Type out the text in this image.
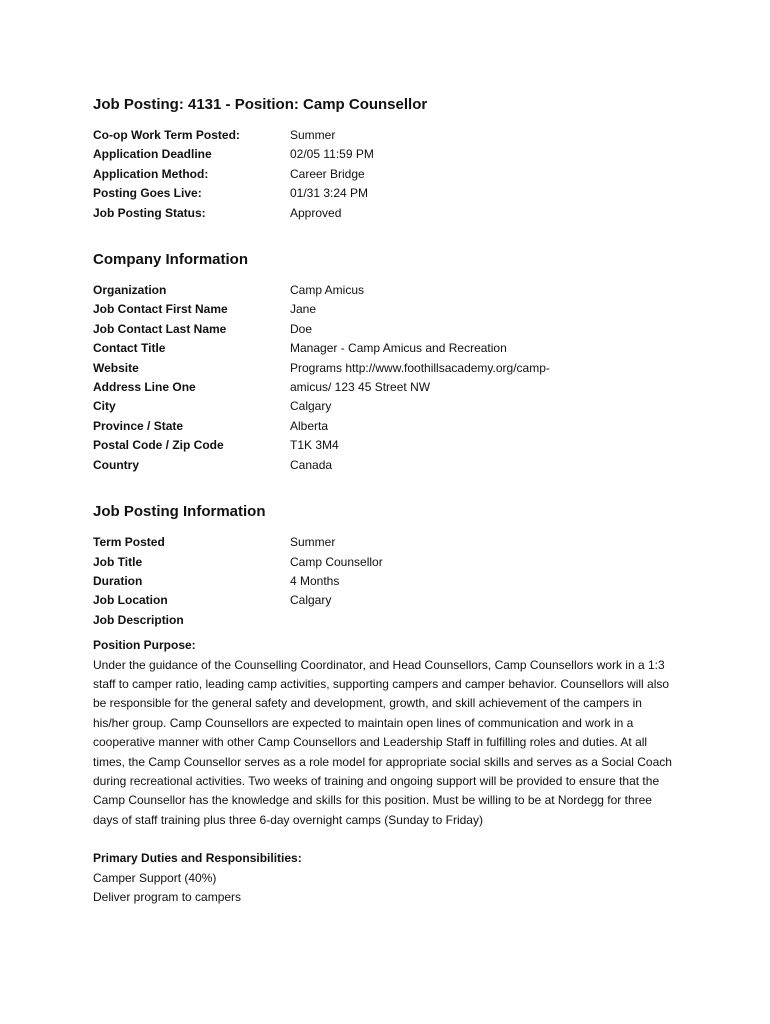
Job Posting: 4131 - Position: Camp Counsellor
Co-op Work Term Posted:	Summer
Application Deadline	02/05 11:59 PM
Application Method:	Career Bridge
Posting Goes Live:	01/31 3:24 PM
Job Posting Status:	Approved
Company Information
Organization	Camp Amicus
Job Contact First Name	Jane
Job Contact Last Name	Doe
Contact Title	Manager - Camp Amicus and Recreation
Website	Programs http://www.foothillsacademy.org/camp-
Address Line One	amicus/ 123 45 Street NW
City	Calgary
Province / State	Alberta
Postal Code / Zip Code	T1K 3M4
Country	Canada
Job Posting Information
Term Posted	Summer
Job Title	Camp Counsellor
Duration	4 Months
Job Location	Calgary
Job Description
Position Purpose:

Under the guidance of the Counselling Coordinator, and Head Counsellors, Camp Counsellors work in a 1:3 staff to camper ratio, leading camp activities, supporting campers and camper behavior. Counsellors will also be responsible for the general safety and development, growth, and skill achievement of the campers in his/her group. Camp Counsellors are expected to maintain open lines of communication and work in a cooperative manner with other Camp Counsellors and Leadership Staff in fulfilling roles and duties. At all times, the Camp Counsellor serves as a role model for appropriate social skills and serves as a Social Coach during recreational activities. Two weeks of training and ongoing support will be provided to ensure that the Camp Counsellor has the knowledge and skills for this position. Must be willing to be at Nordegg for three days of staff training plus three 6-day overnight camps (Sunday to Friday)

Primary Duties and Responsibilities:

Camper Support (40%)

Deliver program to campers
